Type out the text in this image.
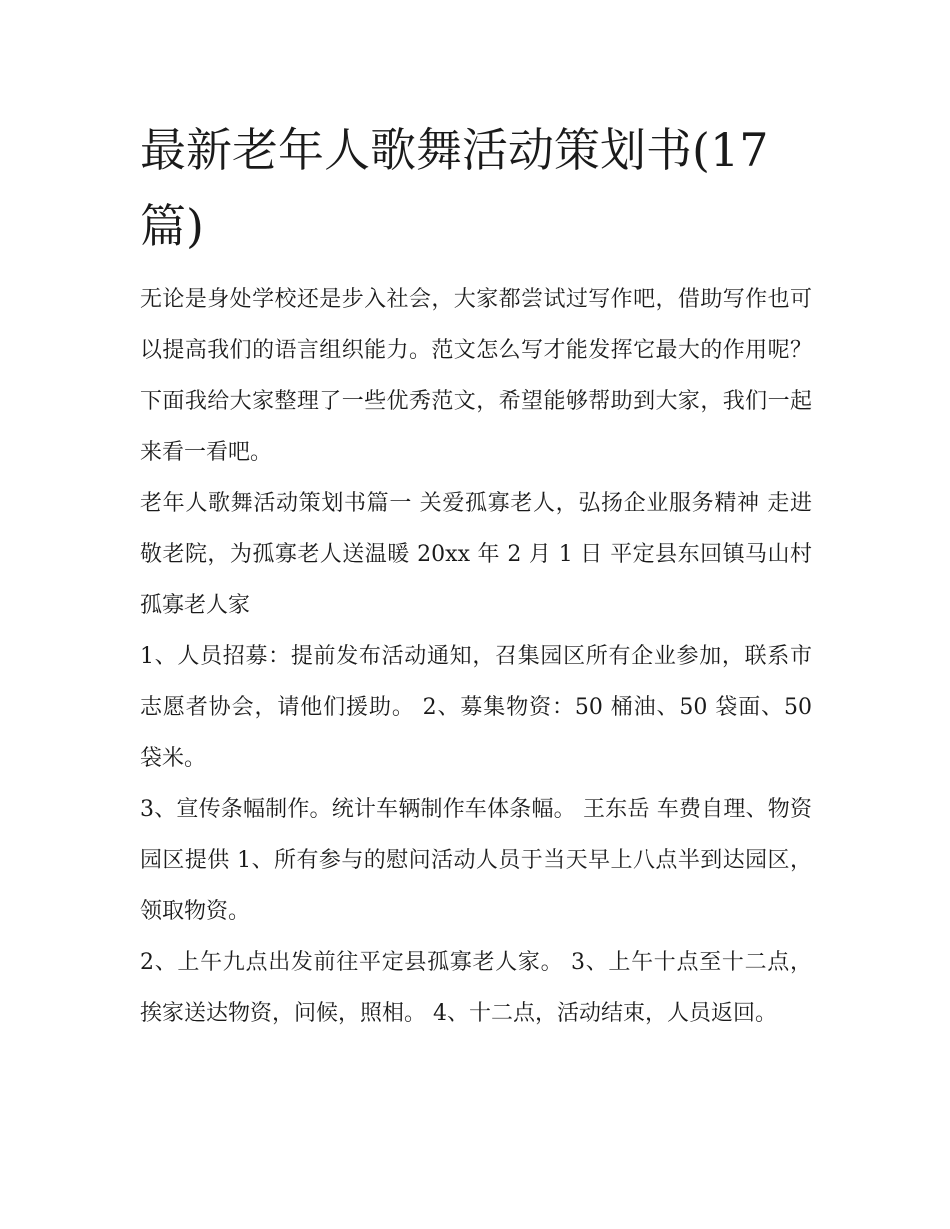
最新老年人歌舞活动策划书(17篇)

无论是身处学校还是步入社会，大家都尝试过写作吧，借助写作也可以提高我们的语言组织能力。范文怎么写才能发挥它最大的作用呢？下面我给大家整理了一些优秀范文，希望能够帮助到大家，我们一起来看一看吧。

老年人歌舞活动策划书篇一 关爱孤寡老人，弘扬企业服务精神 走进敬老院，为孤寡老人送温暖 20xx 年 2 月 1 日 平定县东回镇马山村孤寡老人家

1、人员招募：提前发布活动通知，召集园区所有企业参加，联系市志愿者协会，请他们援助。 2、募集物资：50 桶油、50 袋面、50 袋米。

3、宣传条幅制作。统计车辆制作车体条幅。 王东岳 车费自理、物资园区提供 1、所有参与的慰问活动人员于当天早上八点半到达园区，领取物资。

2、上午九点出发前往平定县孤寡老人家。 3、上午十点至十二点，挨家送达物资，问候，照相。 4、十二点，活动结束，人员返回。
